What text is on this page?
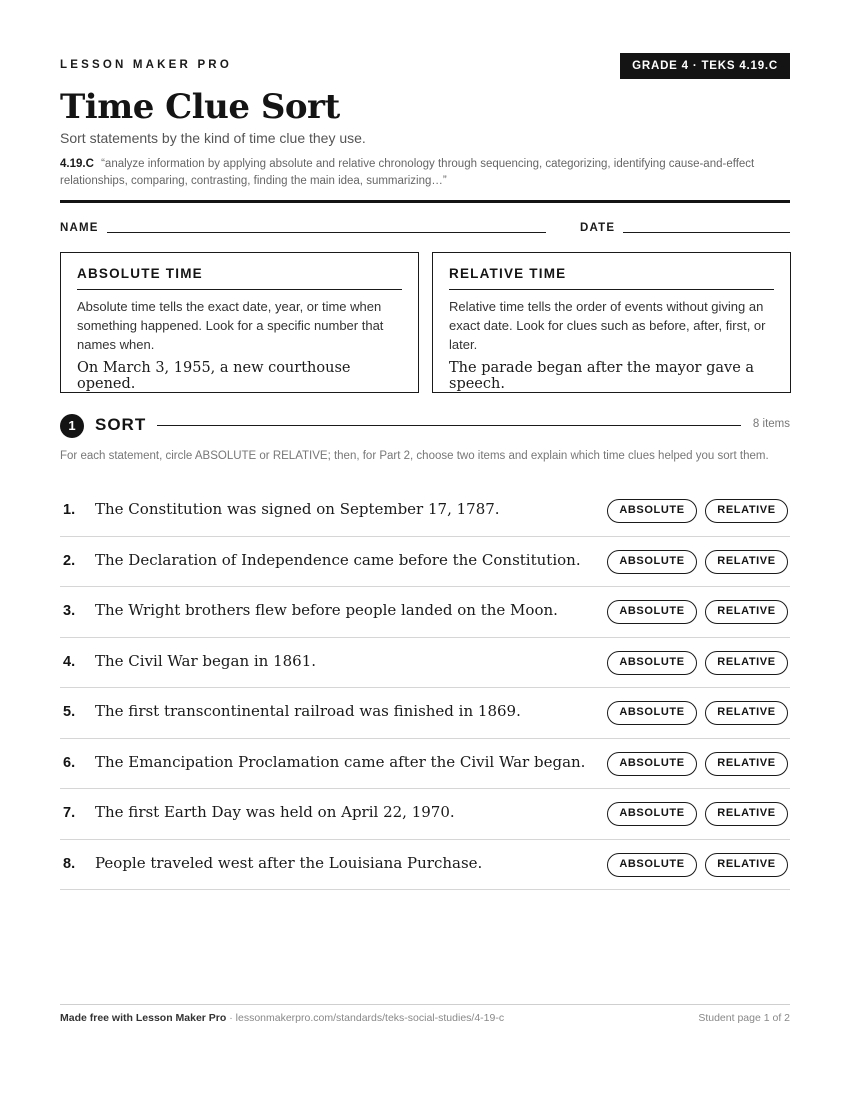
LESSON MAKER PRO	GRADE 4 · TEKS 4.19.C
Time Clue Sort
Sort statements by the kind of time clue they use.
4.19.C “analyze information by applying absolute and relative chronology through sequencing, categorizing, identifying cause-and-effect relationships, comparing, contrasting, finding the main idea, summarizing…”
NAME	DATE
ABSOLUTE TIME
Absolute time tells the exact date, year, or time when something happened. Look for a specific number that names when.
On March 3, 1955, a new courthouse opened.
RELATIVE TIME
Relative time tells the order of events without giving an exact date. Look for clues such as before, after, first, or later.
The parade began after the mayor gave a speech.
1	SORT	8 items
For each statement, circle ABSOLUTE or RELATIVE; then, for Part 2, choose two items and explain which time clues helped you sort them.
1. The Constitution was signed on September 17, 1787.	ABSOLUTE	RELATIVE
2. The Declaration of Independence came before the Constitution.	ABSOLUTE	RELATIVE
3. The Wright brothers flew before people landed on the Moon.	ABSOLUTE	RELATIVE
4. The Civil War began in 1861.	ABSOLUTE	RELATIVE
5. The first transcontinental railroad was finished in 1869.	ABSOLUTE	RELATIVE
6. The Emancipation Proclamation came after the Civil War began.	ABSOLUTE	RELATIVE
7. The first Earth Day was held on April 22, 1970.	ABSOLUTE	RELATIVE
8. People traveled west after the Louisiana Purchase.	ABSOLUTE	RELATIVE
Made free with Lesson Maker Pro · lessonmakerpro.com/standards/teks-social-studies/4-19-c	Student page 1 of 2
